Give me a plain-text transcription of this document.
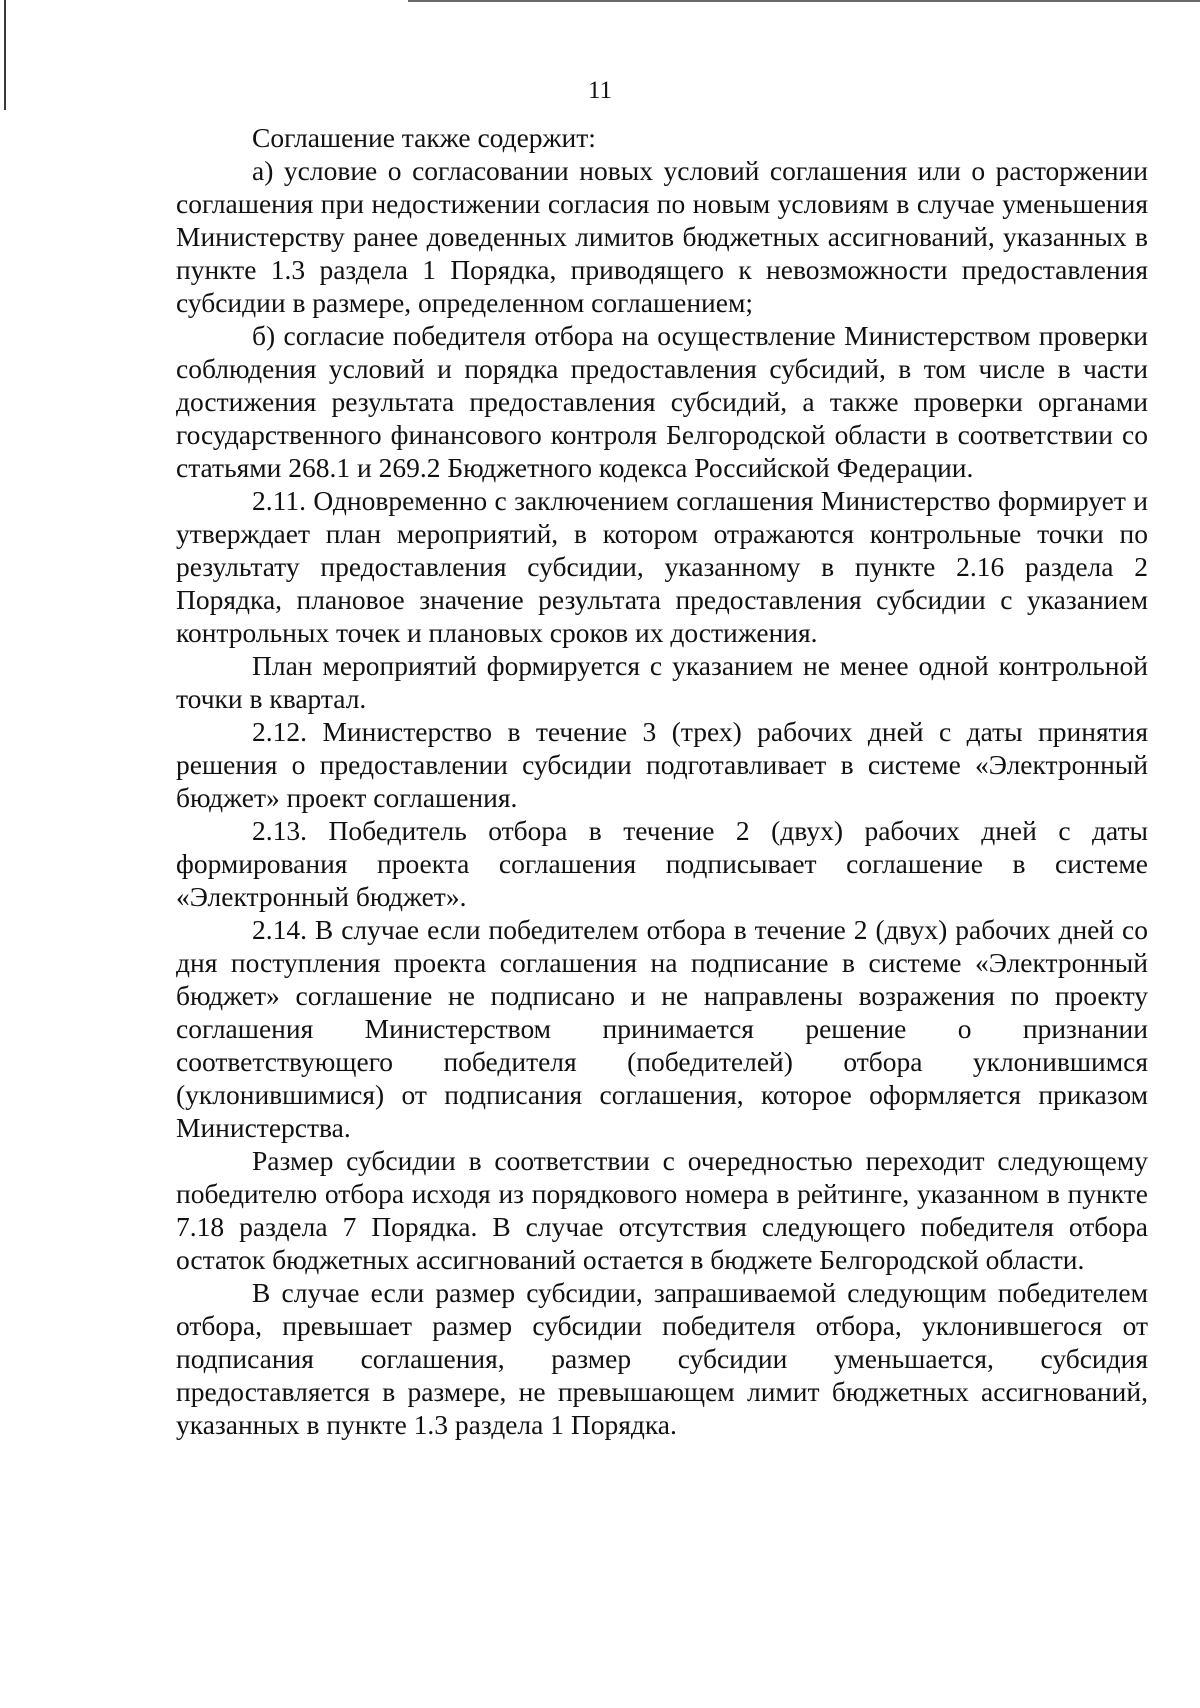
11

Соглашение также содержит:

а) условие о согласовании новых условий соглашения или о расторжении соглашения при недостижении согласия по новым условиям в случае уменьшения Министерству ранее доведенных лимитов бюджетных ассигнований, указанных в пункте 1.3 раздела 1 Порядка, приводящего к невозможности предоставления субсидии в размере, определенном соглашением;

б) согласие победителя отбора на осуществление Министерством проверки соблюдения условий и порядка предоставления субсидий, в том числе в части достижения результата предоставления субсидий, а также проверки органами государственного финансового контроля Белгородской области в соответствии со статьями 268.1 и 269.2 Бюджетного кодекса Российской Федерации.

2.11. Одновременно с заключением соглашения Министерство формирует и утверждает план мероприятий, в котором отражаются контрольные точки по результату предоставления субсидии, указанному в пункте 2.16 раздела 2 Порядка, плановое значение результата предоставления субсидии с указанием контрольных точек и плановых сроков их достижения.

План мероприятий формируется с указанием не менее одной контрольной точки в квартал.

2.12. Министерство в течение 3 (трех) рабочих дней с даты принятия решения о предоставлении субсидии подготавливает в системе «Электронный бюджет» проект соглашения.

2.13. Победитель отбора в течение 2 (двух) рабочих дней с даты формирования проекта соглашения подписывает соглашение в системе «Электронный бюджет».

2.14. В случае если победителем отбора в течение 2 (двух) рабочих дней со дня поступления проекта соглашения на подписание в системе «Электронный бюджет» соглашение не подписано и не направлены возражения по проекту соглашения Министерством принимается решение о признании соответствующего победителя (победителей) отбора уклонившимся (уклонившимися) от подписания соглашения, которое оформляется приказом Министерства.

Размер субсидии в соответствии с очередностью переходит следующему победителю отбора исходя из порядкового номера в рейтинге, указанном в пункте 7.18 раздела 7 Порядка. В случае отсутствия следующего победителя отбора остаток бюджетных ассигнований остается в бюджете Белгородской области.

В случае если размер субсидии, запрашиваемой следующим победителем отбора, превышает размер субсидии победителя отбора, уклонившегося от подписания соглашения, размер субсидии уменьшается, субсидия предоставляется в размере, не превышающем лимит бюджетных ассигнований, указанных в пункте 1.3 раздела 1 Порядка.
